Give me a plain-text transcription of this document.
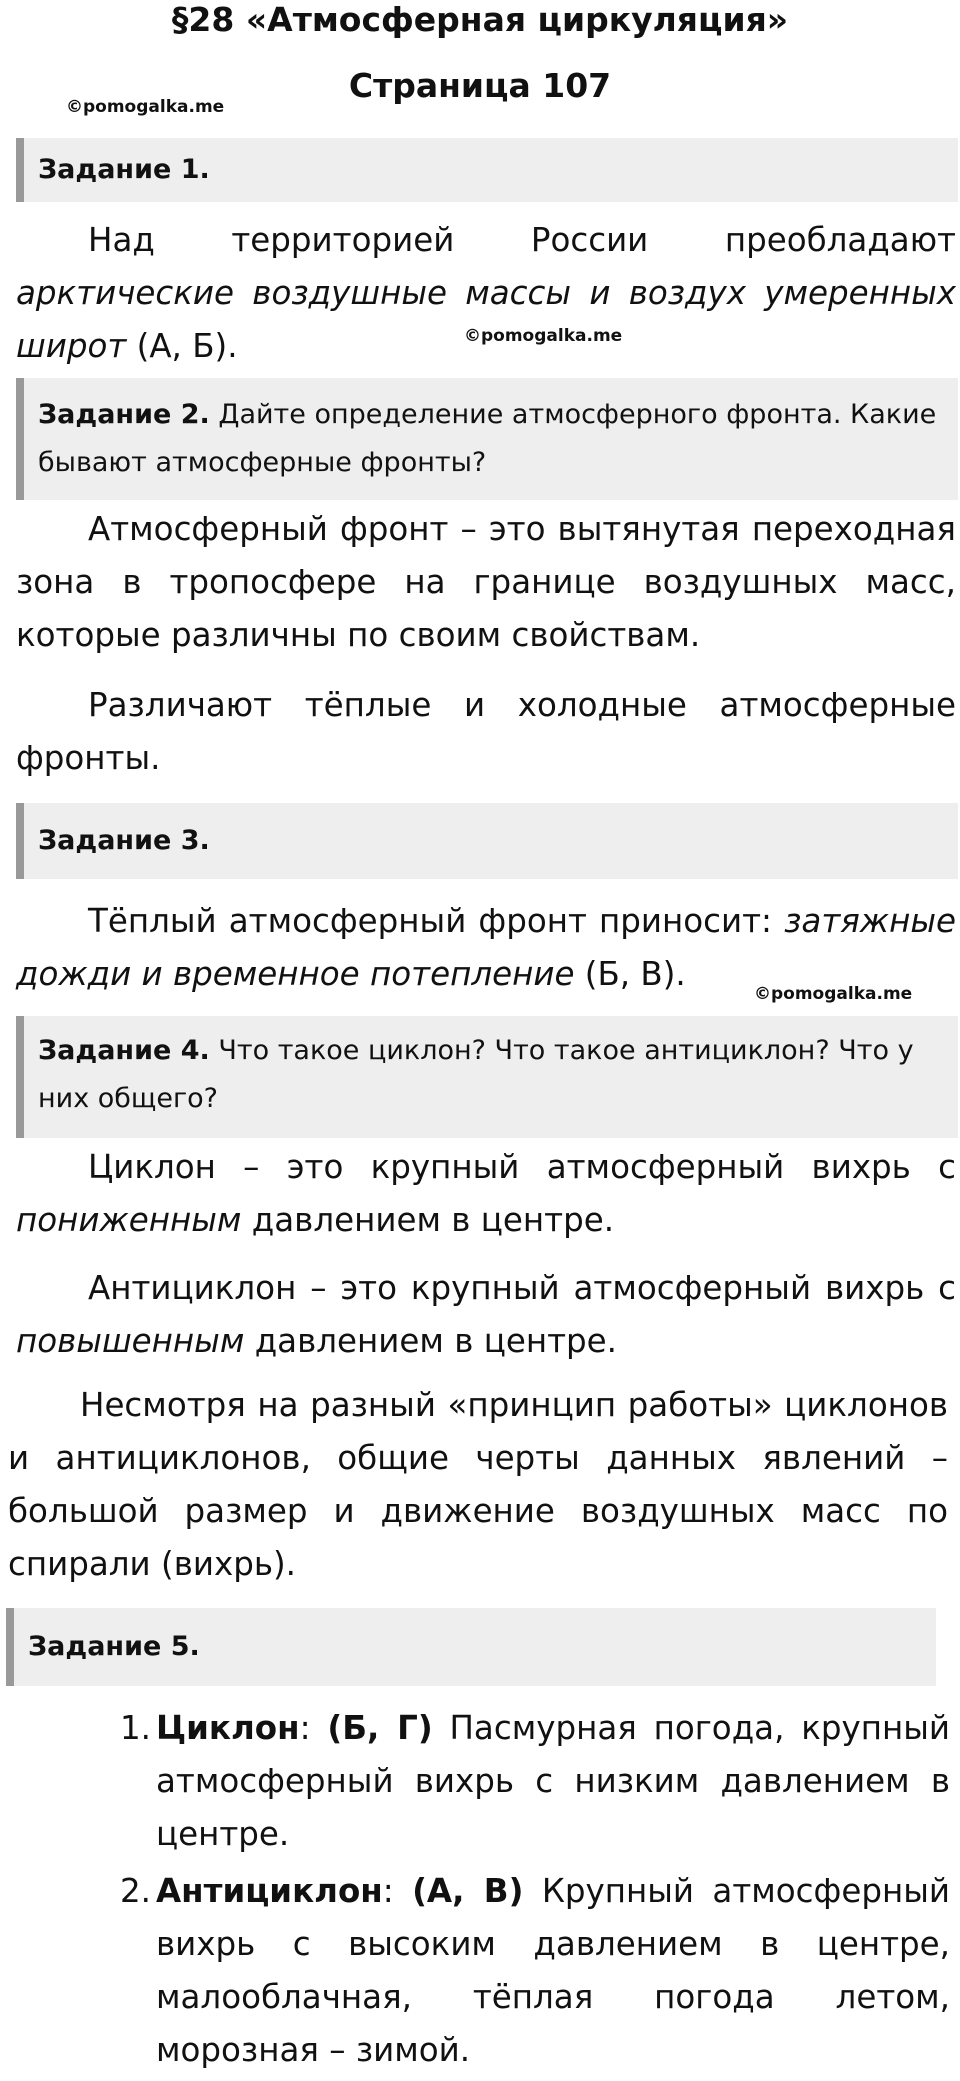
§28 «Атмосферная циркуляция»
Страница 107
©pomogalka.me
Задание 1.
Над территорией России преобладают арктические воздушные массы и воздух умеренных широт (А, Б).	©pomogalka.me
Задание 2. Дайте определение атмосферного фронта. Какие бывают атмосферные фронты?
Атмосферный фронт – это вытянутая переходная зона в тропосфере на границе воздушных масс, которые различны по своим свойствам.
Различают тёплые и холодные атмосферные фронты.
Задание 3.
Тёплый атмосферный фронт приносит: затяжные дожди и временное потепление (Б, В).
©pomogalka.me
Задание 4. Что такое циклон? Что такое антициклон? Что у них общего?
Циклон – это крупный атмосферный вихрь с пониженным давлением в центре.
Антициклон – это крупный атмосферный вихрь с повышенным давлением в центре.
Несмотря на разный «принцип работы» циклонов и антициклонов, общие черты данных явлений – большой размер и движение воздушных масс по спирали (вихрь).
Задание 5.
1. Циклон: (Б, Г) Пасмурная погода, крупный атмосферный вихрь с низким давлением в центре.
2. Антициклон: (А, В) Крупный атмосферный вихрь с высоким давлением в центре, малооблачная, тёплая погода летом, морозная – зимой.
